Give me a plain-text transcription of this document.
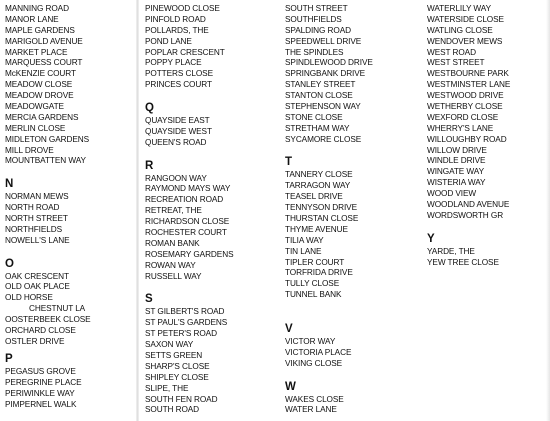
MANNING ROAD
MANOR LANE
MAPLE GARDENS
MARIGOLD AVENUE
MARKET PLACE
MARQUESS COURT
McKENZIE COURT
MEADOW CLOSE
MEADOW DROVE
MEADOWGATE
MERCIA GARDENS
MERLIN CLOSE
MIDLETON GARDENS
MILL DROVE
MOUNTBATTEN WAY
N
NORMAN MEWS
NORTH ROAD
NORTH STREET
NORTHFIELDS
NOWELL'S LANE
O
OAK CRESCENT
OLD OAK PLACE
OLD HORSE
CHESTNUT LA
OOSTERBEEK CLOSE
ORCHARD CLOSE
OSTLER DRIVE
P
PEGASUS GROVE
PEREGRINE PLACE
PERIWINKLE WAY
PIMPERNEL WALK
PINEWOOD CLOSE
PINFOLD ROAD
POLLARDS, THE
POND LANE
POPLAR CRESCENT
POPPY PLACE
POTTERS CLOSE
PRINCES COURT
Q
QUAYSIDE EAST
QUAYSIDE WEST
QUEEN'S ROAD
R
RANGOON WAY
RAYMOND MAYS WAY
RECREATION ROAD
RETREAT, THE
RICHARDSON CLOSE
ROCHESTER COURT
ROMAN BANK
ROSEMARY GARDENS
ROWAN WAY
RUSSELL WAY
S
ST GILBERT'S ROAD
ST PAUL'S GARDENS
ST PETER'S ROAD
SAXON WAY
SETTS GREEN
SHARP'S CLOSE
SHIPLEY CLOSE
SLIPE, THE
SOUTH FEN ROAD
SOUTH ROAD
SOUTH STREET
SOUTHFIELDS
SPALDING ROAD
SPEEDWELL DRIVE
THE SPINDLES
SPINDLEWOOD DRIVE
SPRINGBANK DRIVE
STANLEY STREET
STANTON CLOSE
STEPHENSON WAY
STONE CLOSE
STRETHAM WAY
SYCAMORE CLOSE
T
TANNERY CLOSE
TARRAGON WAY
TEASEL DRIVE
TENNYSON DRIVE
THURSTAN CLOSE
THYME AVENUE
TILIA WAY
TIN LANE
TIPLER COURT
TORFRIDA DRIVE
TULLY CLOSE
TUNNEL BANK
V
VICTOR WAY
VICTORIA PLACE
VIKING CLOSE
W
WAKES CLOSE
WATER LANE
WATERLILY WAY
WATERSIDE CLOSE
WATLING CLOSE
WENDOVER MEWS
WEST ROAD
WEST STREET
WESTBOURNE PARK
WESTMINSTER LANE
WESTWOOD DRIVE
WETHERBY CLOSE
WEXFORD CLOSE
WHERRY'S LANE
WILLOUGHBY ROAD
WILLOW DRIVE
WINDLE DRIVE
WINGATE WAY
WISTERIA WAY
WOOD VIEW
WOODLAND AVENUE
WORDSWORTH GR
Y
YARDE, THE
YEW TREE CLOSE
